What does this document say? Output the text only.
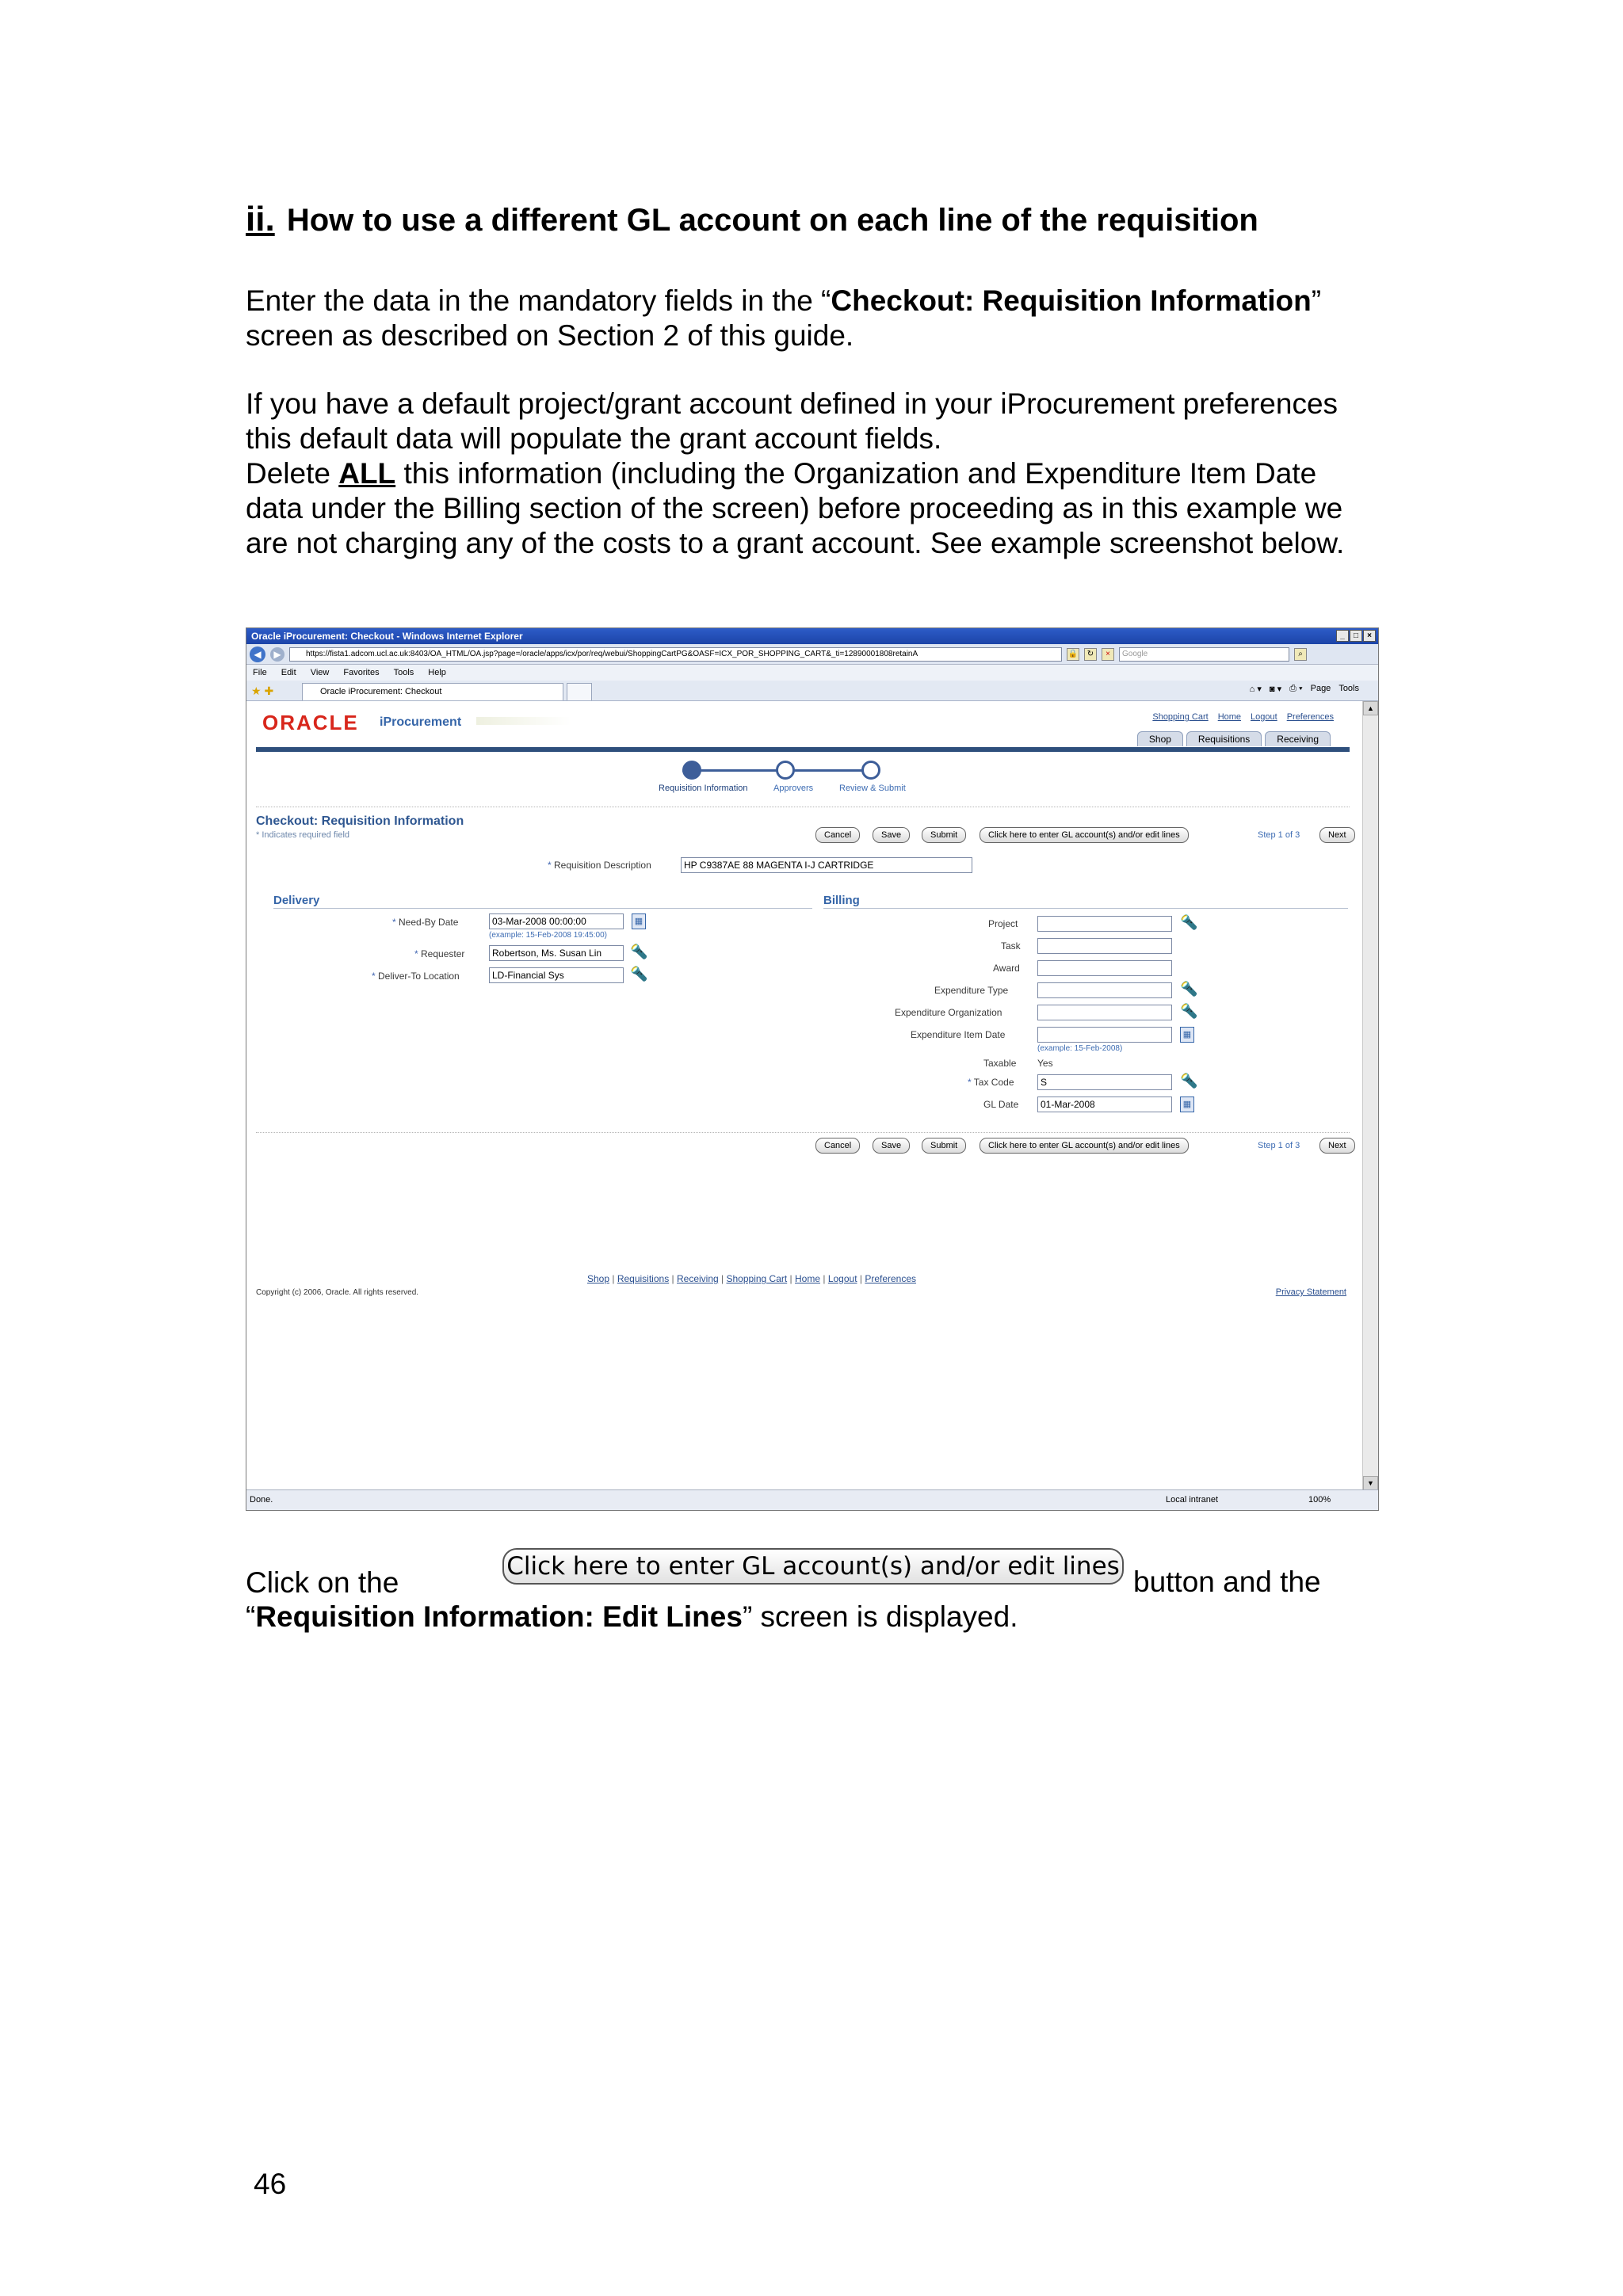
ii. How to use a different GL account on each line of the requisition
Enter the data in the mandatory fields in the “Checkout: Requisition Information” screen as described on Section 2 of this guide.
If you have a default project/grant account defined in your iProcurement preferences this default data will populate the grant account fields.
Delete ALL this information (including the Organization and Expenditure Item Date data under the Billing section of the screen) before proceeding as in this example we are not charging any of the costs to a grant account. See example screenshot below.
Oracle iProcurement: Checkout - Windows Internet Explorer	_	□	×
◀	▶	https://fista1.adcom.ucl.ac.uk:8403/OA_HTML/OA.jsp?page=/oracle/apps/icx/por/req/webui/ShoppingCartPG&OASF=ICX_POR_SHOPPING_CART&_ti=12890001808retainA	🔒	↻	×	Google	⌕
File Edit View Favorites Tools Help
★ ✚	Oracle iProcurement: Checkout	⌂ ▾ ◙ ▾ ⎙ ▾ Page Tools
ORACLE iProcurement	Shopping Cart Home Logout Preferences
Shop	Requisitions	Receiving
Requisition Information	Approvers	Review & Submit
Checkout: Requisition Information
* Indicates required field	Cancel	Save	Submit	Click here to enter GL account(s) and/or edit lines	Step 1 of 3	Next
* Requisition Description	HP C9387AE 88 MAGENTA I-J CARTRIDGE
Delivery
* Need-By Date	03-Mar-2008 00:00:00	▦
(example: 15-Feb-2008 19:45:00)
* Requester	Robertson, Ms. Susan Lin	🔦
* Deliver-To Location	LD-Financial Sys	🔦
Billing
Project	🔦
Task
Award
Expenditure Type	🔦
Expenditure Organization	🔦
Expenditure Item Date	▦
(example: 15-Feb-2008)
Taxable Yes
* Tax Code	S	🔦
GL Date	01-Mar-2008	▦
Cancel	Save	Submit	Click here to enter GL account(s) and/or edit lines	Step 1 of 3	Next
Shop | Requisitions | Receiving | Shopping Cart | Home | Logout | Preferences
Copyright (c) 2006, Oracle. All rights reserved.	Privacy Statement
▲
▼
Done.	Local intranet	100%
Click on the	Click here to enter GL account(s) and/or edit lines button and the
“Requisition Information: Edit Lines” screen is displayed.
46
